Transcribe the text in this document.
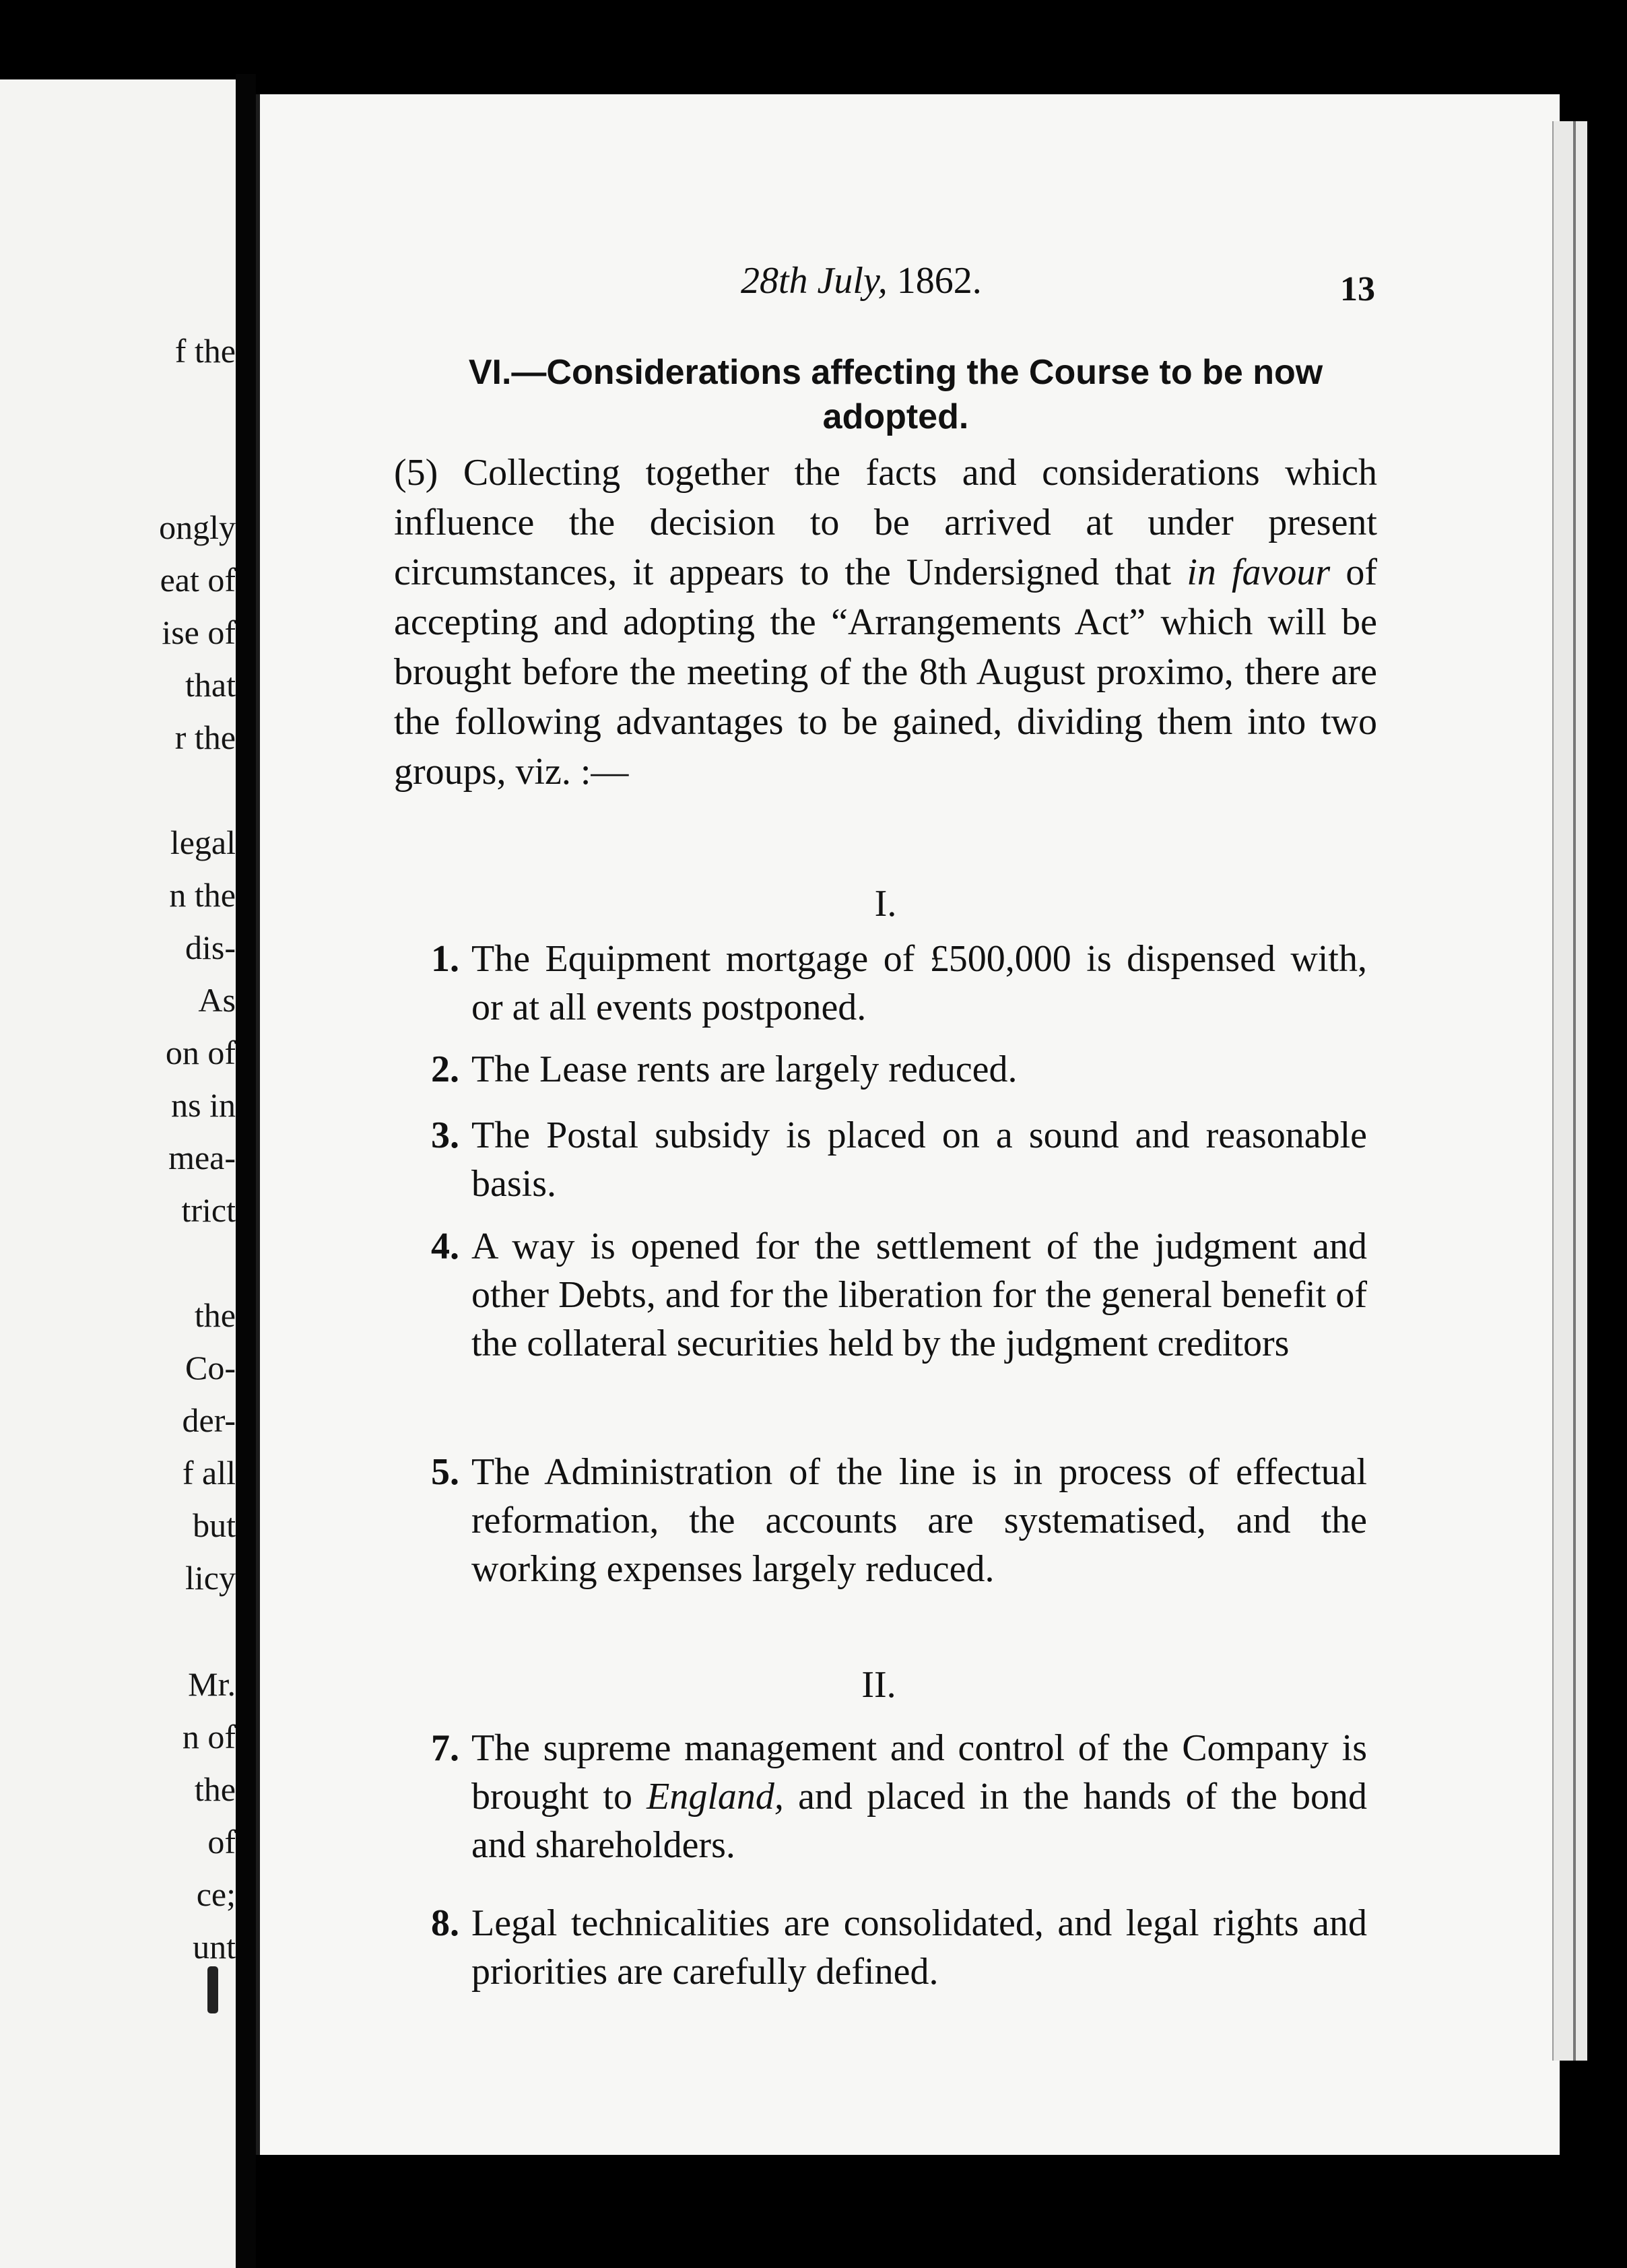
f the
ongly
eat of
ise of
that
r the
legal
n the
dis-
As
on of
ns in
mea-
trict
the
Co-
der-
f all
but
licy
Mr.
n of
the
of
ce;
unt
28th July, 1862.	13
VI.—Considerations affecting the Course to be now adopted.
(5) Collecting together the facts and considerations which influence the decision to be arrived at under present circumstances, it appears to the Undersigned that in favour of accepting and adopting the “Arrangements Act” which will be brought before the meeting of the 8th August proximo, there are the following advantages to be gained, dividing them into two groups, viz. :—
I.
1. The Equipment mortgage of £500,000 is dispensed with, or at all events postponed.
2. The Lease rents are largely reduced.
3. The Postal subsidy is placed on a sound and reasonable basis.
4. A way is opened for the settlement of the judgment and other Debts, and for the liberation for the general benefit of the collateral securities held by the judgment creditors
5. The Administration of the line is in process of effectual reformation, the accounts are systematised, and the working expenses largely reduced.
II.
7. The supreme management and control of the Company is brought to England, and placed in the hands of the bond and shareholders.
8. Legal technicalities are consolidated, and legal rights and priorities are carefully defined.
